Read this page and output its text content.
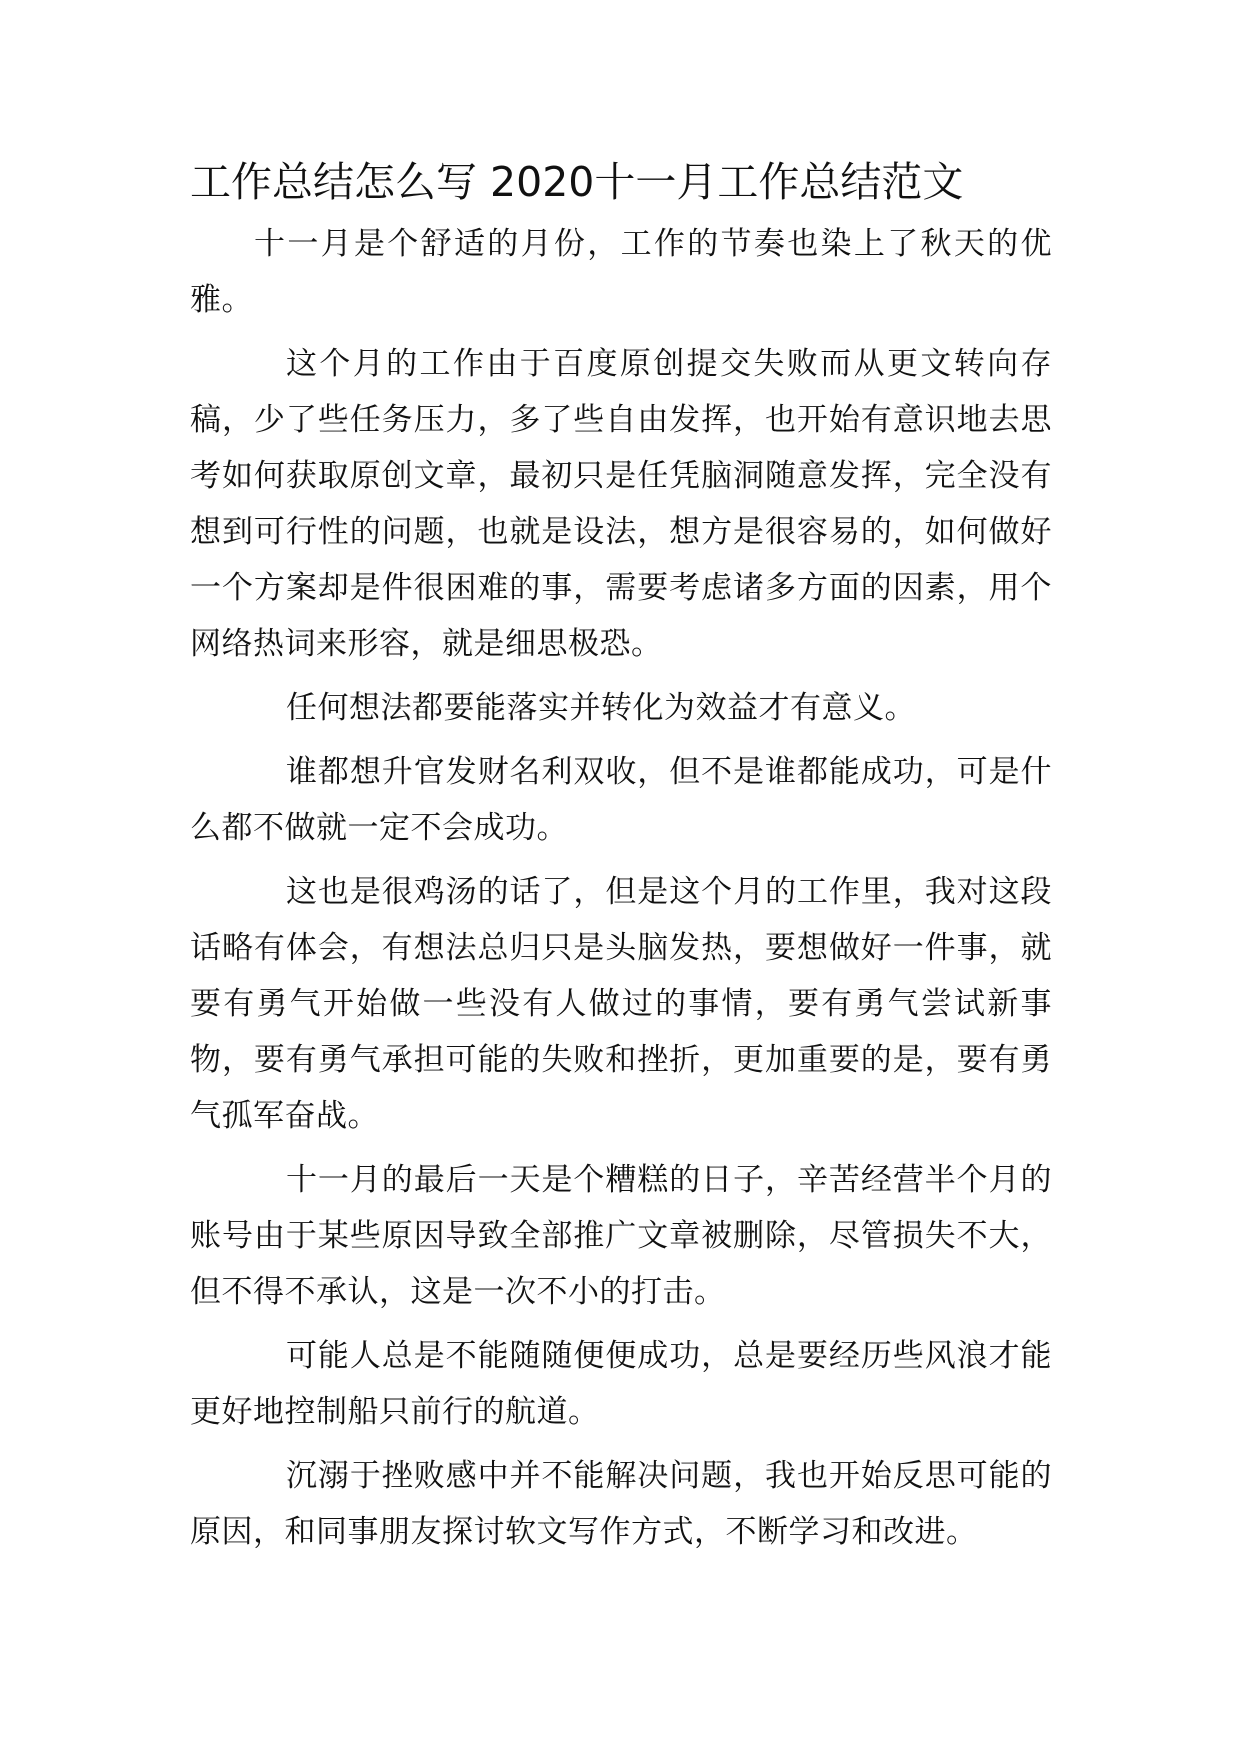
工作总结怎么写 2020十一月工作总结范文

十一月是个舒适的月份，工作的节奏也染上了秋天的优雅。

这个月的工作由于百度原创提交失败而从更文转向存稿，少了些任务压力，多了些自由发挥，也开始有意识地去思考如何获取原创文章，最初只是任凭脑洞随意发挥，完全没有想到可行性的问题，也就是设法，想方是很容易的，如何做好一个方案却是件很困难的事，需要考虑诸多方面的因素，用个网络热词来形容，就是细思极恐。

任何想法都要能落实并转化为效益才有意义。

谁都想升官发财名利双收，但不是谁都能成功，可是什么都不做就一定不会成功。

这也是很鸡汤的话了，但是这个月的工作里，我对这段话略有体会，有想法总归只是头脑发热，要想做好一件事，就要有勇气开始做一些没有人做过的事情，要有勇气尝试新事物，要有勇气承担可能的失败和挫折，更加重要的是，要有勇气孤军奋战。

十一月的最后一天是个糟糕的日子，辛苦经营半个月的账号由于某些原因导致全部推广文章被删除，尽管损失不大，但不得不承认，这是一次不小的打击。

可能人总是不能随随便便成功，总是要经历些风浪才能更好地控制船只前行的航道。

沉溺于挫败感中并不能解决问题，我也开始反思可能的原因，和同事朋友探讨软文写作方式，不断学习和改进。
